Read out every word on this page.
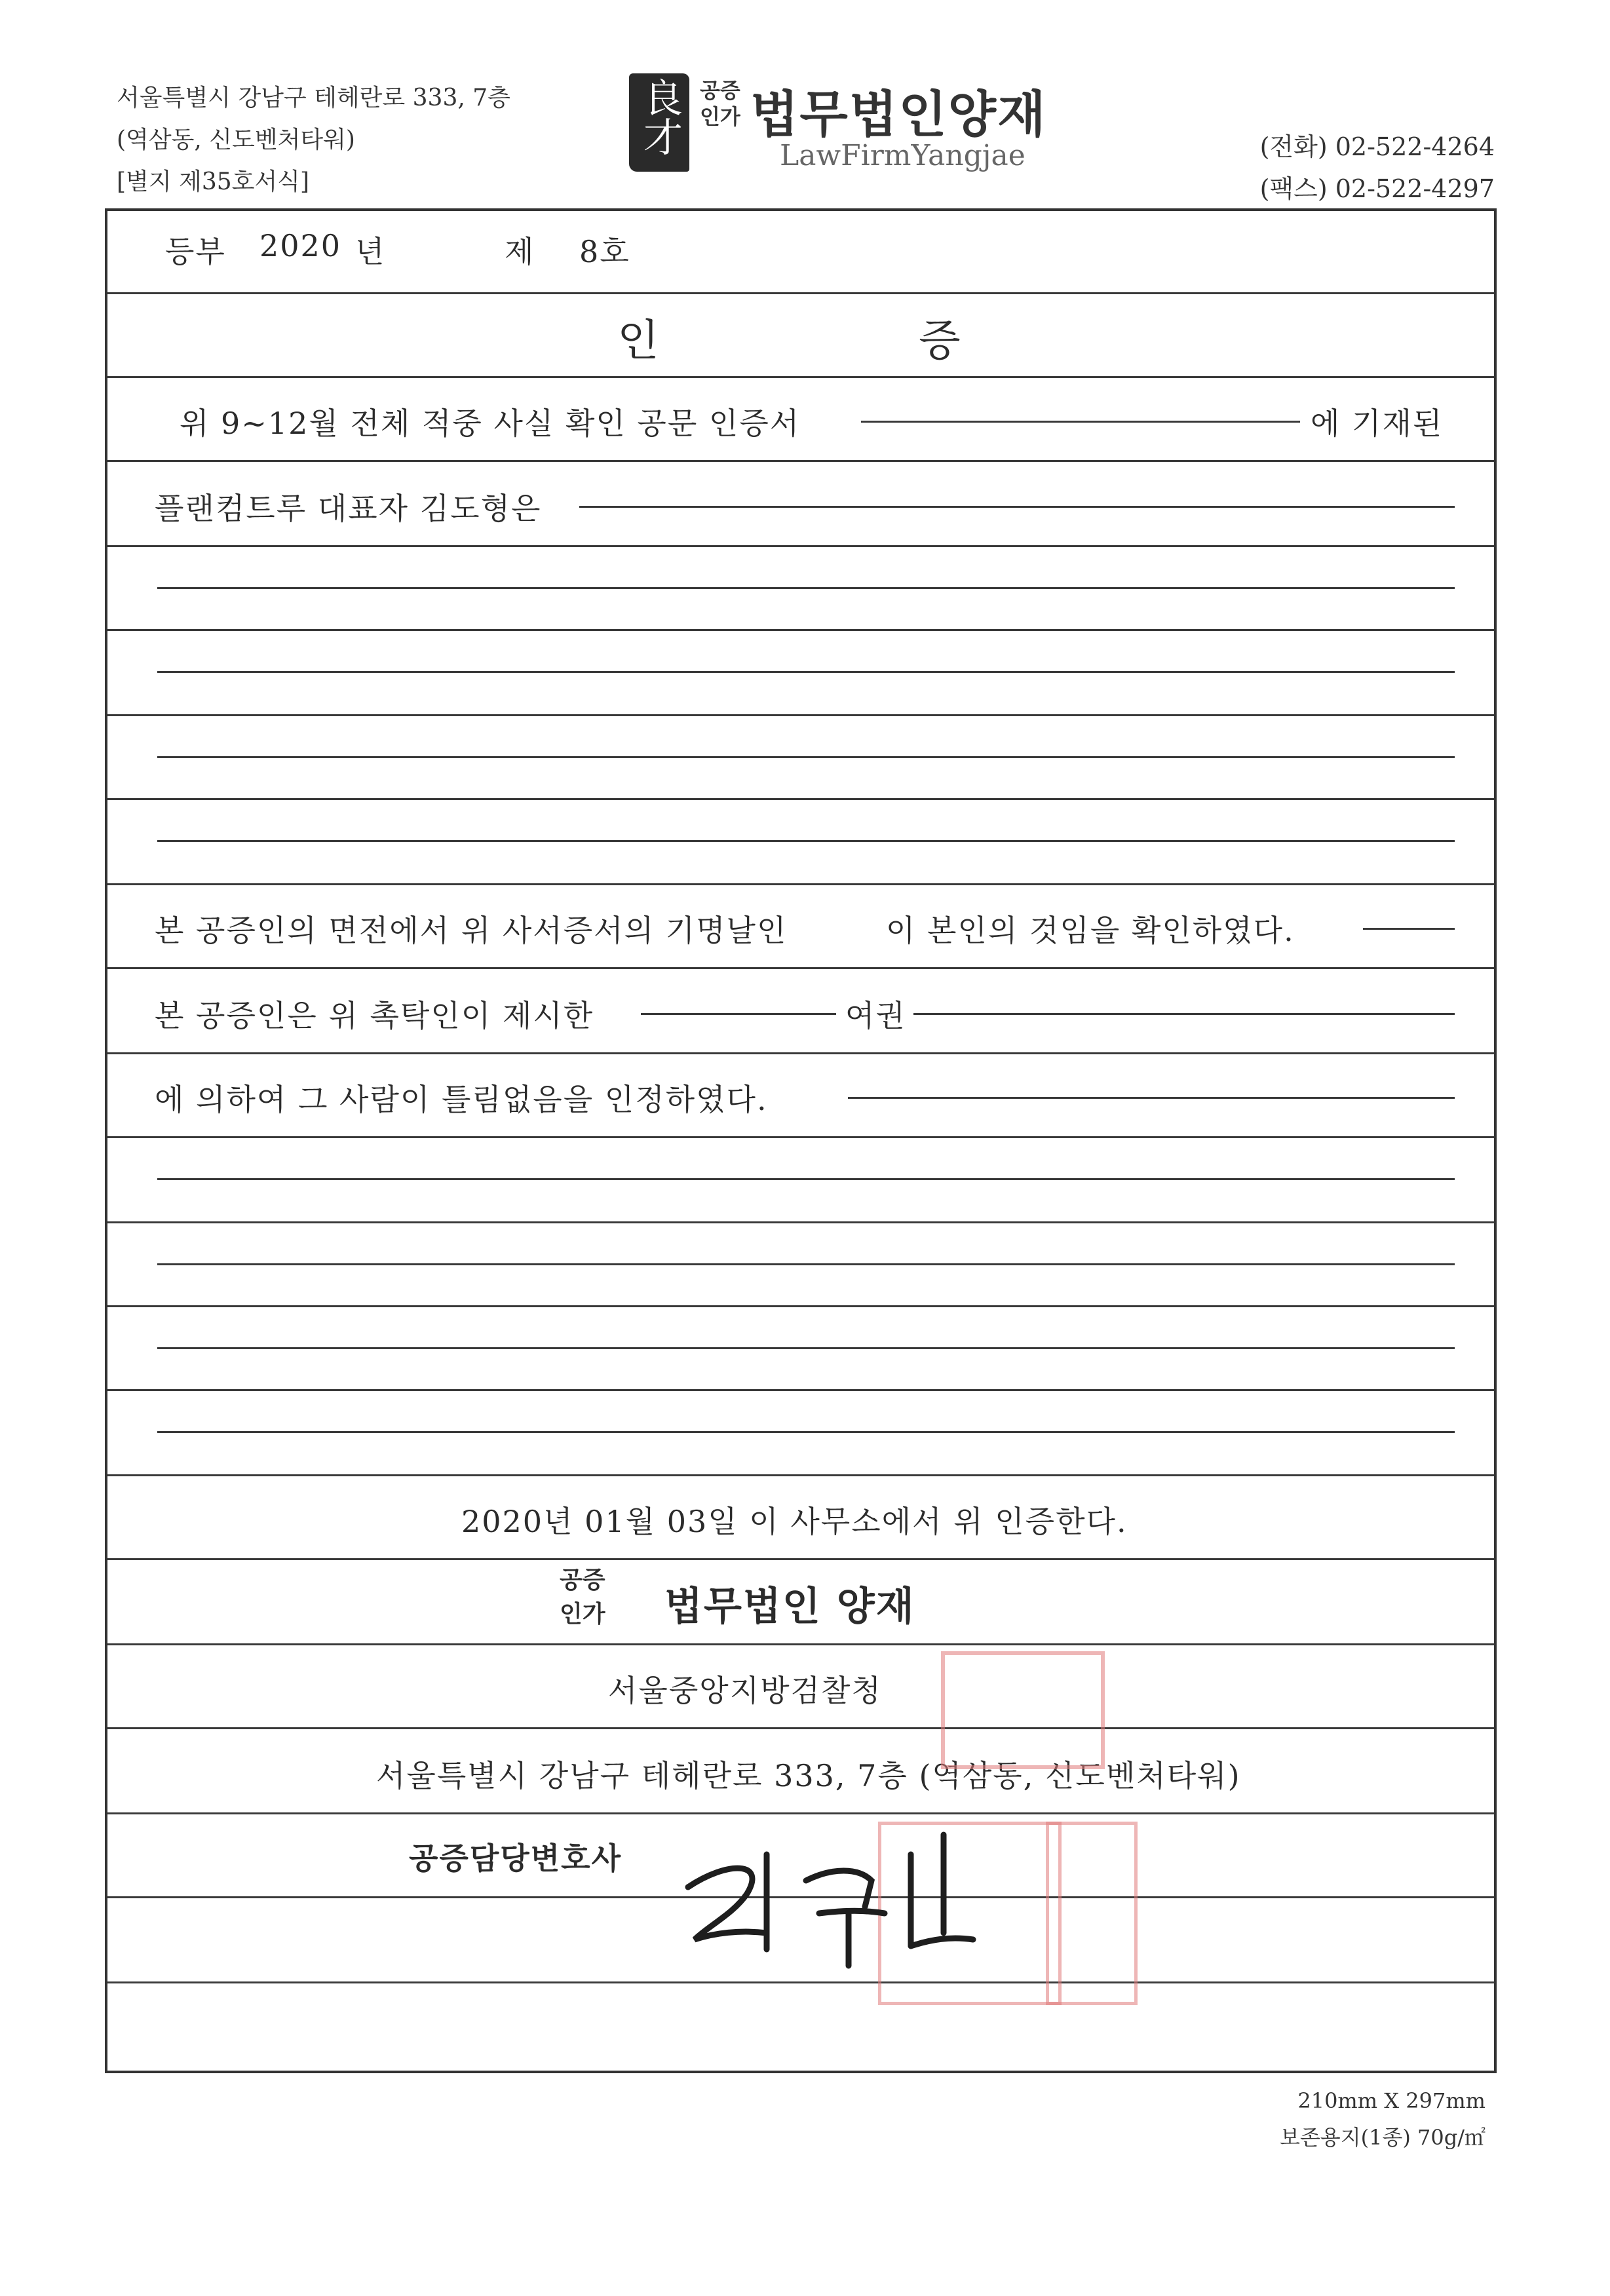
서울특별시 강남구 테헤란로 333, 7층
(역삼동, 신도벤처타워)
[별지 제35호서식]
良才 공증
인가 법무법인양재
LawFirmYangjae	(전화) 02-522-4264
(팩스) 02-522-4297
등부 2020 년	제 8호
인	증
위 9~12월 전체 적중 사실 확인 공문 인증서	에 기재된
플랜컴트루 대표자 김도형은
본 공증인의 면전에서 위 사서증서의 기명날인	이 본인의 것임을 확인하였다.
본 공증인은 위 촉탁인이 제시한	여권
에 의하여 그 사람이 틀림없음을 인정하였다.
2020년 01월 03일 이 사무소에서 위 인증한다.
공증
인가 법무법인 양재
서울중앙지방검찰청
서울특별시 강남구 테헤란로 333, 7층 (역삼동, 신도벤처타워)
공증담당변호사
210mm X 297mm
보존용지(1종) 70g/㎡
